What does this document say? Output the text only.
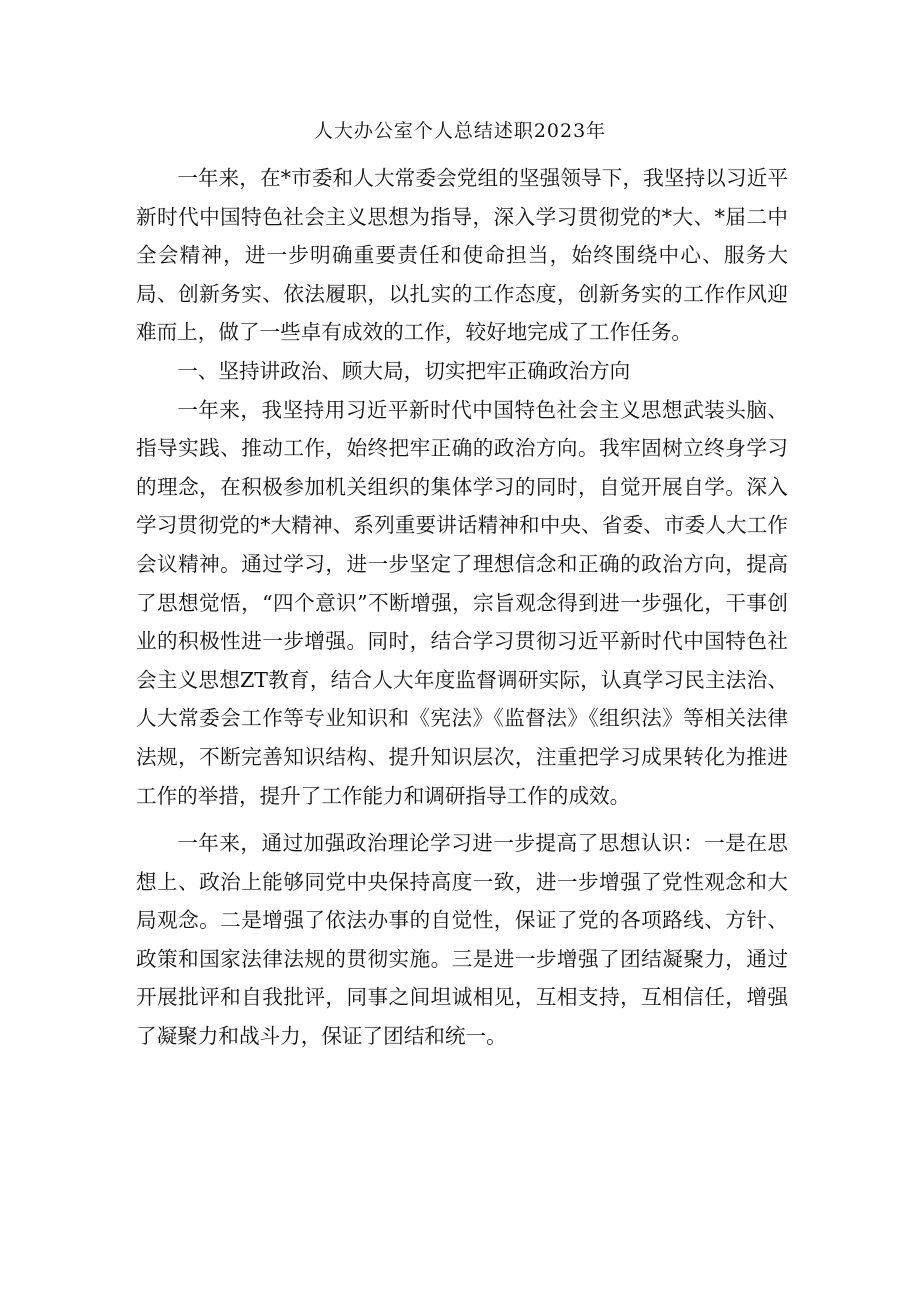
人大办公室个人总结述职2023年

一年来，在*市委和人大常委会党组的坚强领导下，我坚持以习近平新时代中国特色社会主义思想为指导，深入学习贯彻党的*大、*届二中全会精神，进一步明确重要责任和使命担当，始终围绕中心、服务大局、创新务实、依法履职，以扎实的工作态度，创新务实的工作作风迎难而上，做了一些卓有成效的工作，较好地完成了工作任务。

一、坚持讲政治、顾大局，切实把牢正确政治方向

一年来，我坚持用习近平新时代中国特色社会主义思想武装头脑、指导实践、推动工作，始终把牢正确的政治方向。我牢固树立终身学习的理念，在积极参加机关组织的集体学习的同时，自觉开展自学。深入学习贯彻党的*大精神、系列重要讲话精神和中央、省委、市委人大工作会议精神。通过学习，进一步坚定了理想信念和正确的政治方向，提高了思想觉悟，“四个意识”不断增强，宗旨观念得到进一步强化，干事创业的积极性进一步增强。同时，结合学习贯彻习近平新时代中国特色社会主义思想ZT教育，结合人大年度监督调研实际，认真学习民主法治、人大常委会工作等专业知识和《宪法》《监督法》《组织法》等相关法律法规，不断完善知识结构、提升知识层次，注重把学习成果转化为推进工作的举措，提升了工作能力和调研指导工作的成效。

一年来，通过加强政治理论学习进一步提高了思想认识：一是在思想上、政治上能够同党中央保持高度一致，进一步增强了党性观念和大局观念。二是增强了依法办事的自觉性，保证了党的各项路线、方针、政策和国家法律法规的贯彻实施。三是进一步增强了团结凝聚力，通过开展批评和自我批评，同事之间坦诚相见，互相支持，互相信任，增强了凝聚力和战斗力，保证了团结和统一。
